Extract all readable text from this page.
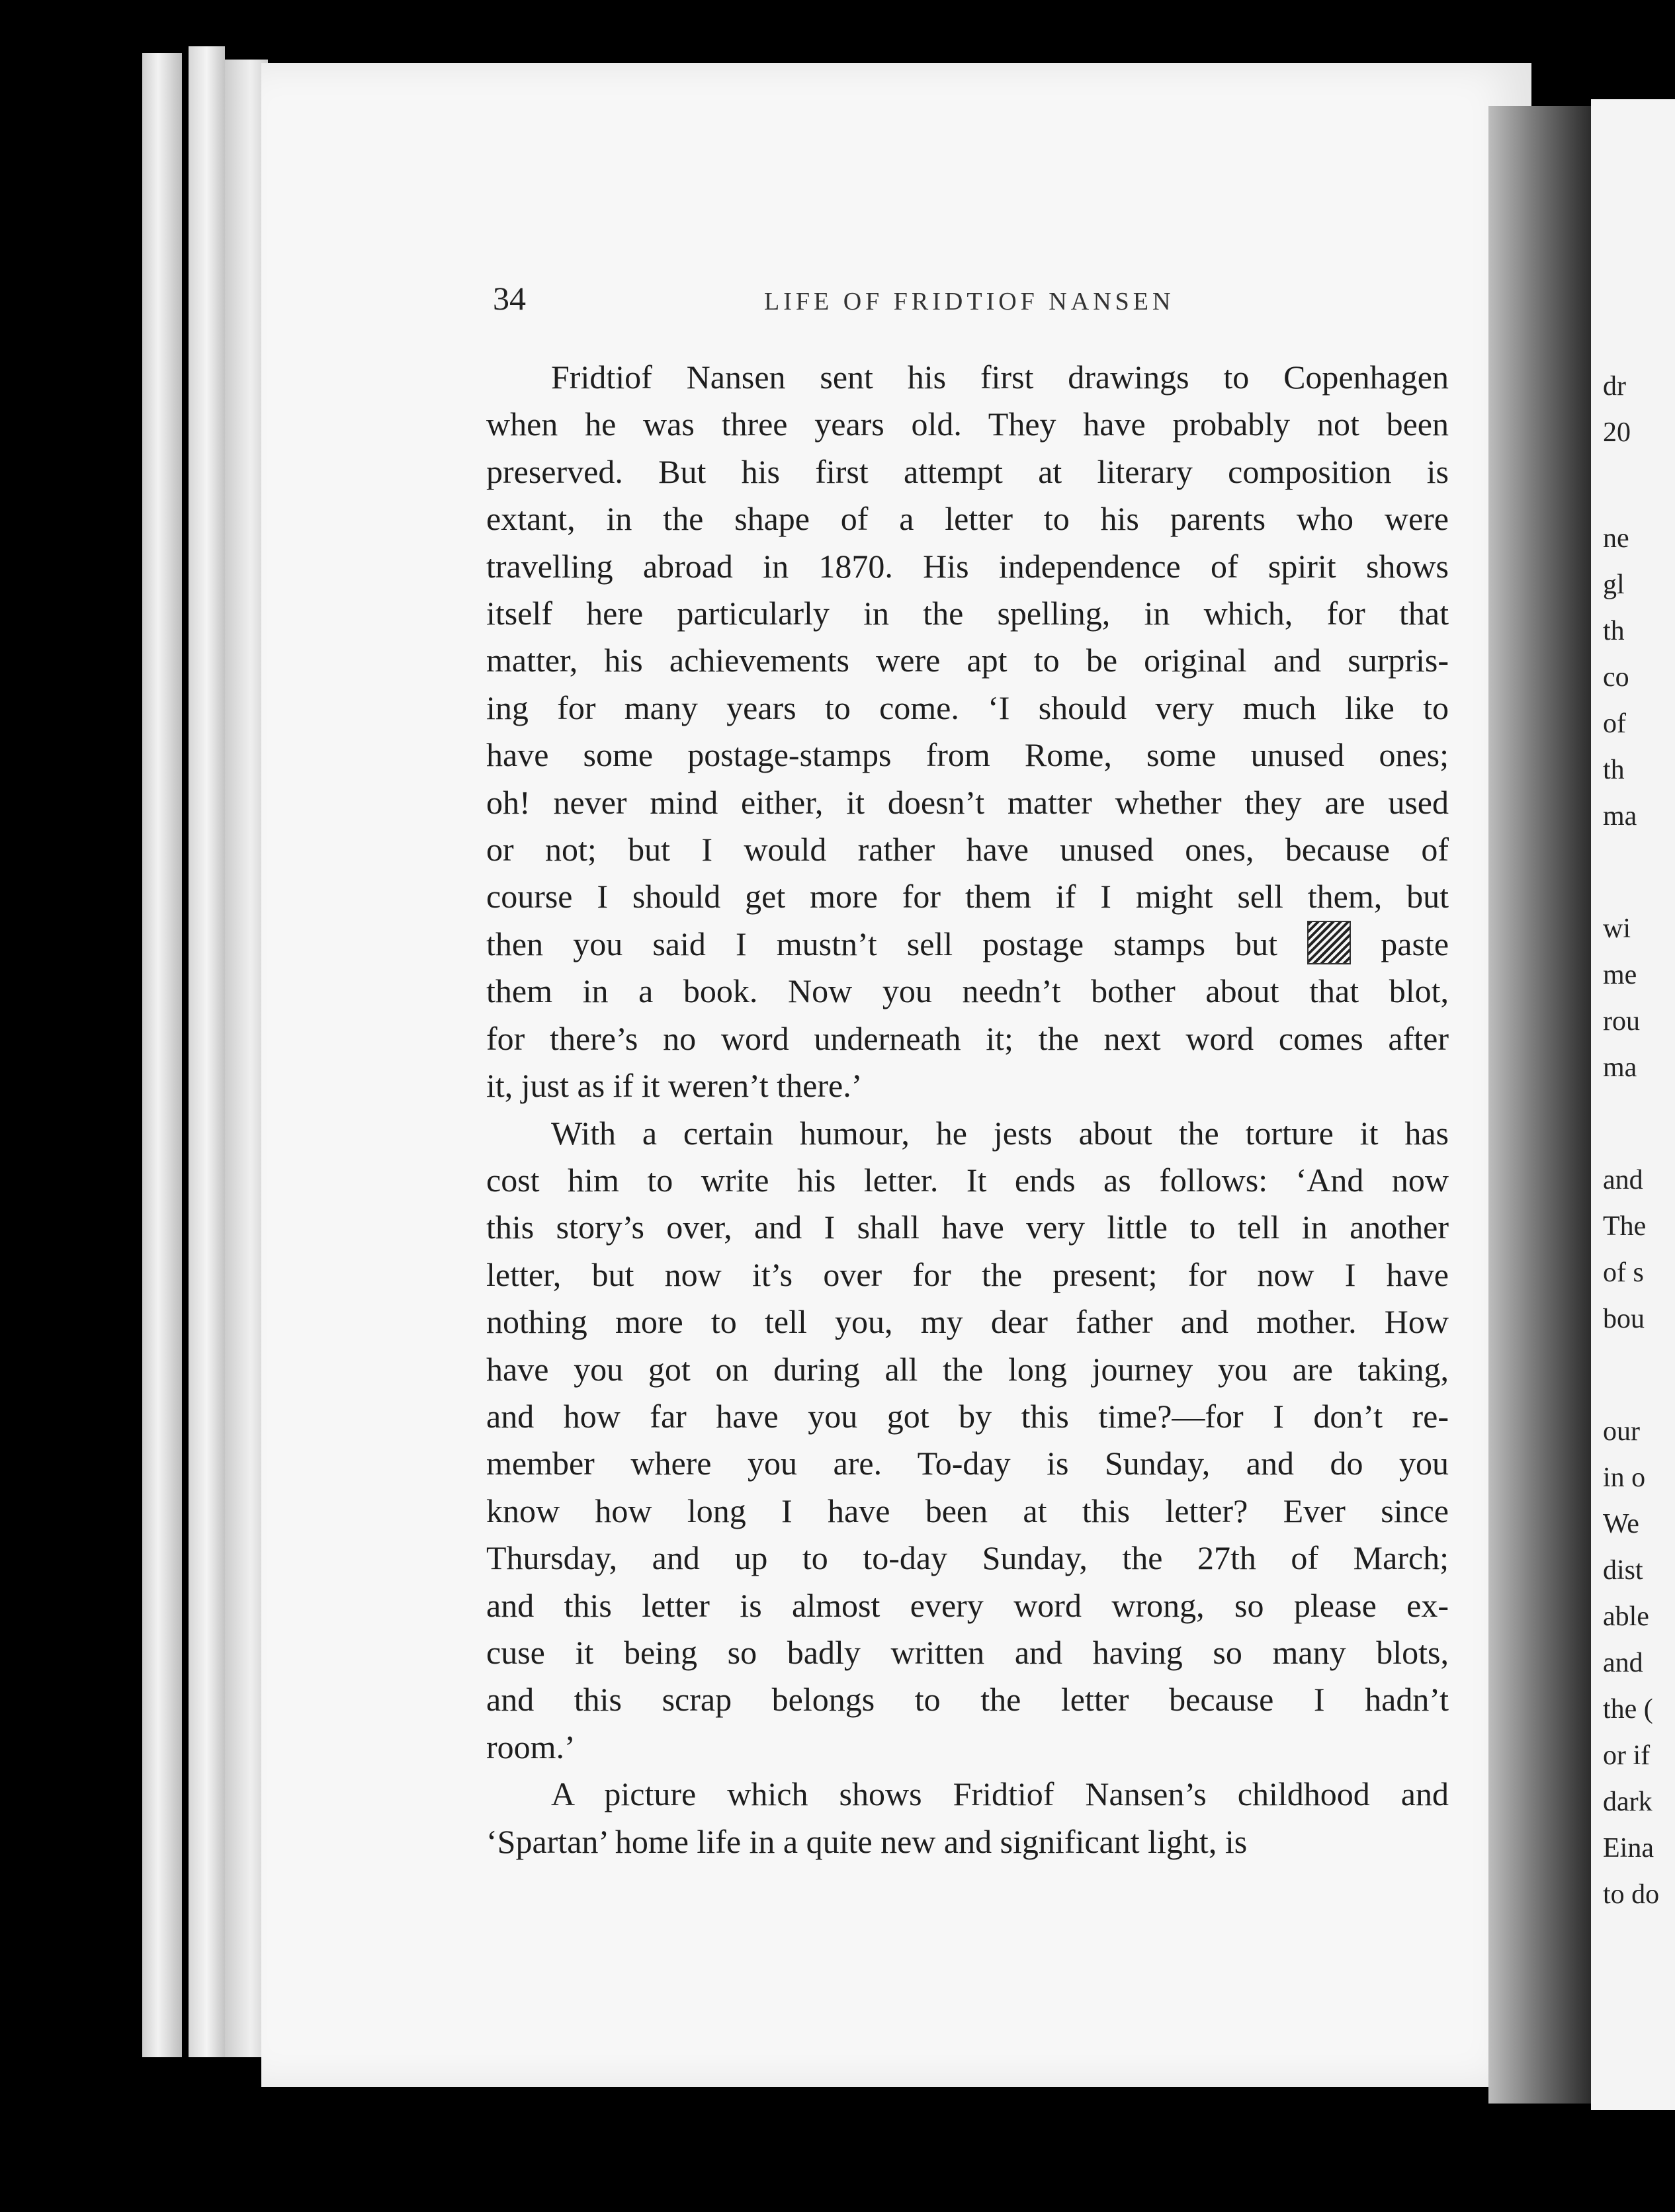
dr
20
ne
gl
th
co
of
th
ma
wi
me
rou
ma
and
The
of s
bou
our
in o
We
dist
able
and
the (
or if
dark
Eina
to do
34	LIFE OF FRIDTIOF NANSEN

Fridtiof Nansen sent his first drawings to Copenhagen
when he was three years old. They have probably not been
preserved. But his first attempt at literary composition is
extant, in the shape of a letter to his parents who were
travelling abroad in 1870. His independence of spirit shows
itself here particularly in the spelling, in which, for that
matter, his achievements were apt to be original and surpris-
ing for many years to come. ‘I should very much like to
have some postage-stamps from Rome, some unused ones;
oh! never mind either, it doesn’t matter whether they are used
or not; but I would rather have unused ones, because of
course I should get more for them if I might sell them, but
then you said I mustn’t sell postage stamps but  paste
them in a book. Now you needn’t bother about that blot,
for there’s no word underneath it; the next word comes after
it, just as if it weren’t there.’

With a certain humour, he jests about the torture it has
cost him to write his letter. It ends as follows: ‘And now
this story’s over, and I shall have very little to tell in another
letter, but now it’s over for the present; for now I have
nothing more to tell you, my dear father and mother. How
have you got on during all the long journey you are taking,
and how far have you got by this time?—for I don’t re-
member where you are. To-day is Sunday, and do you
know how long I have been at this letter? Ever since
Thursday, and up to to-day Sunday, the 27th of March;
and this letter is almost every word wrong, so please ex-
cuse it being so badly written and having so many blots,
and this scrap belongs to the letter because I hadn’t
room.’

A picture which shows Fridtiof Nansen’s childhood and
‘Spartan’ home life in a quite new and significant light, is
